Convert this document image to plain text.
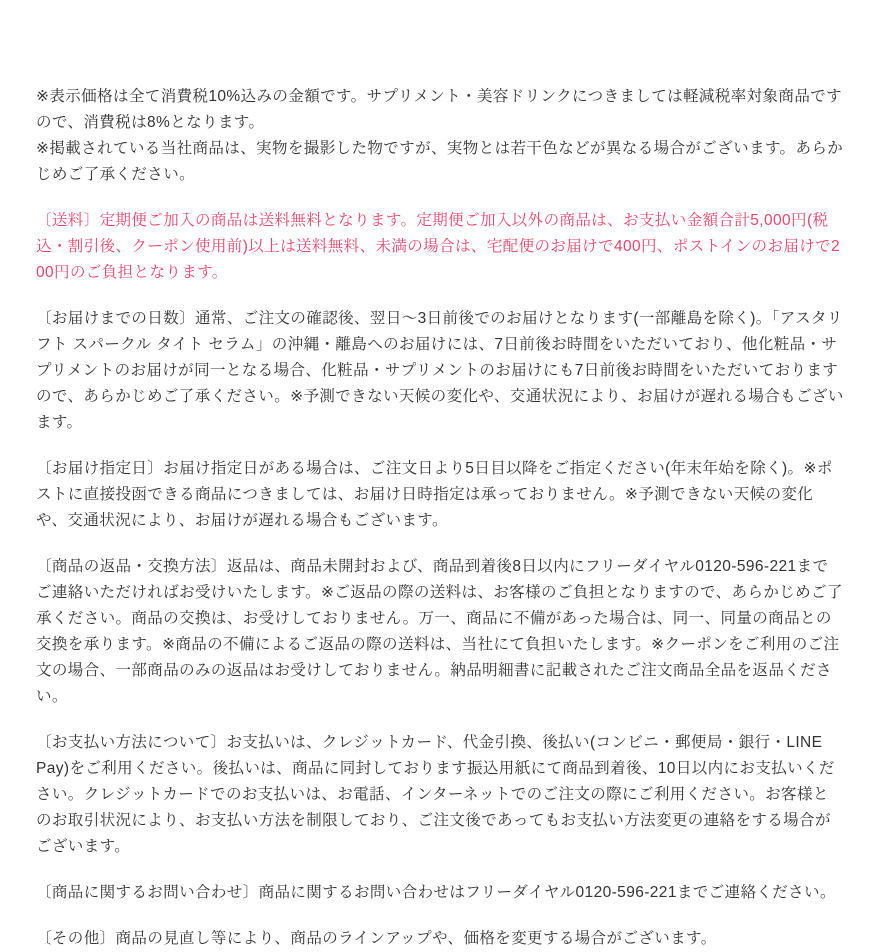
※表示価格は全て消費税10%込みの金額です。サプリメント・美容ドリンクにつきましては軽減税率対象商品ですので、消費税は8%となります。

※掲載されている当社商品は、実物を撮影した物ですが、実物とは若干色などが異なる場合がございます。あらかじめご了承ください。

〔送料〕定期便ご加入の商品は送料無料となります。定期便ご加入以外の商品は、お支払い金額合計5,000円(税込・割引後、クーポン使用前)以上は送料無料、未満の場合は、宅配便のお届けで400円、ポストインのお届けで200円のご負担となります。

〔お届けまでの日数〕通常、ご注文の確認後、翌日〜3日前後でのお届けとなります(一部離島を除く)。「アスタリフト スパークル タイト セラム」の沖縄・離島へのお届けには、7日前後お時間をいただいており、他化粧品・サプリメントのお届けが同一となる場合、化粧品・サプリメントのお届けにも7日前後お時間をいただいておりますので、あらかじめご了承ください。※予測できない天候の変化や、交通状況により、お届けが遅れる場合もございます。

〔お届け指定日〕お届け指定日がある場合は、ご注文日より5日目以降をご指定ください(年末年始を除く)。※ポストに直接投函できる商品につきましては、お届け日時指定は承っておりません。※予測できない天候の変化や、交通状況により、お届けが遅れる場合もございます。

〔商品の返品・交換方法〕返品は、商品未開封および、商品到着後8日以内にフリーダイヤル0120-596-221までご連絡いただければお受けいたします。※ご返品の際の送料は、お客様のご負担となりますので、あらかじめご了承ください。商品の交換は、お受けしておりません。万一、商品に不備があった場合は、同一、同量の商品との交換を承ります。※商品の不備によるご返品の際の送料は、当社にて負担いたします。※クーポンをご利用のご注文の場合、一部商品のみの返品はお受けしておりません。納品明細書に記載されたご注文商品全品を返品ください。

〔お支払い方法について〕お支払いは、クレジットカード、代金引換、後払い(コンビニ・郵便局・銀行・LINE　Pay)をご利用ください。後払いは、商品に同封しております振込用紙にて商品到着後、10日以内にお支払いください。クレジットカードでのお支払いは、お電話、インターネットでのご注文の際にご利用ください。お客様とのお取引状況により、お支払い方法を制限しており、ご注文後であってもお支払い方法変更の連絡をする場合がございます。

〔商品に関するお問い合わせ〕商品に関するお問い合わせはフリーダイヤル0120-596-221までご連絡ください。

〔その他〕商品の見直し等により、商品のラインアップや、価格を変更する場合がございます。
